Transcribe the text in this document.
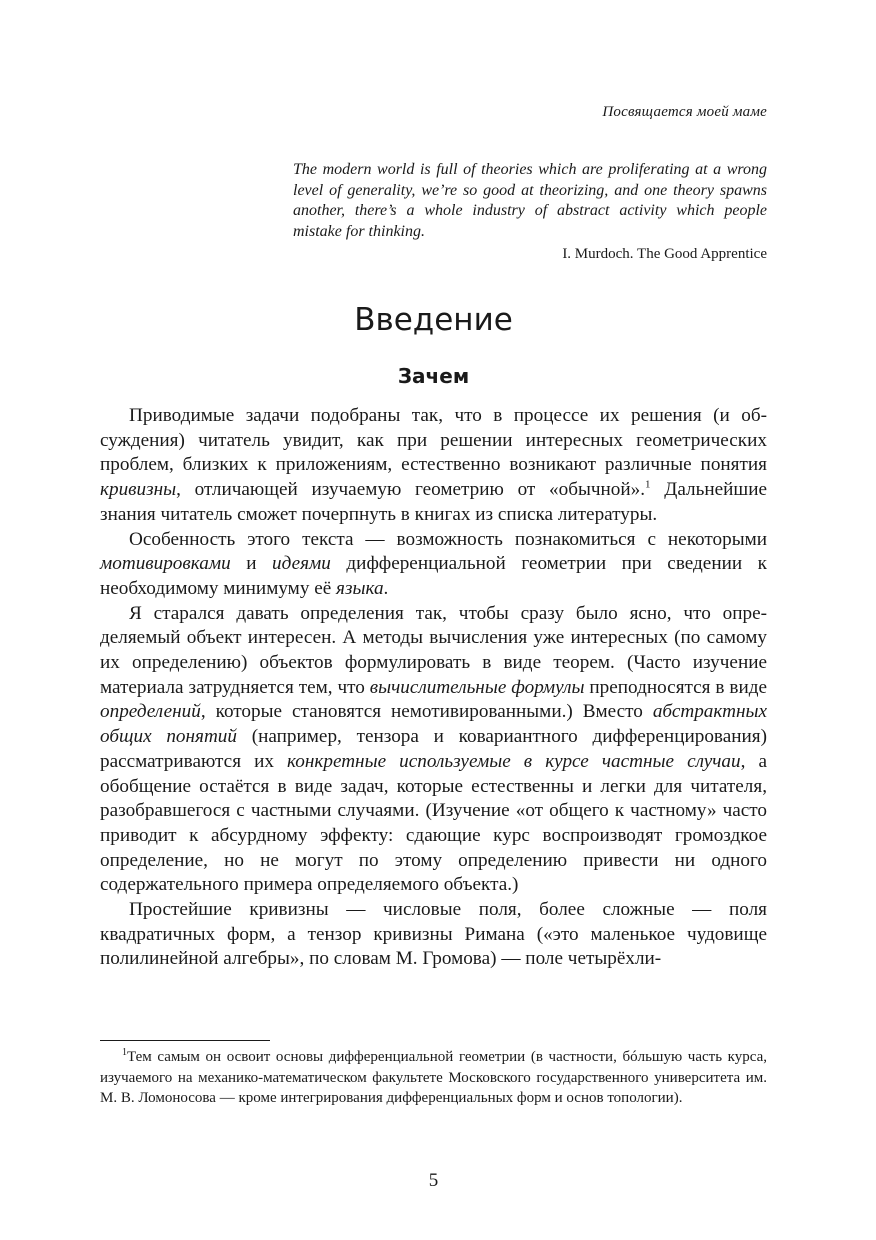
Посвящается моей маме
The modern world is full of theories which are proliferating at a wrong level of generality, we’re so good at theorizing, and one theory spawns another, there’s a whole industry of abstract activity which people mistake for thinking.
I. Murdoch. The Good Apprentice
Введение
Зачем

Приводимые задачи подобраны так, что в процессе их решения (и обсуждения) читатель увидит, как при решении интересных геометрических проблем, близких к приложениям, естественно возникают различные понятия кривизны, отличающей изучаемую геометрию от «обычной».$^1$ Дальнейшие знания читатель сможет почерпнуть в книгах из списка литературы.

Особенность этого текста — возможность познакомиться с некоторыми мотивировками и идеями дифференциальной геометрии при сведении к необходимому минимуму её языка.

Я старался давать определения так, чтобы сразу было ясно, что определяемый объект интересен. А методы вычисления уже интересных (по самому их определению) объектов формулировать в виде теорем. (Часто изучение материала затрудняется тем, что вычислительные формулы преподносятся в виде определений, которые становятся немотивированными.) Вместо абстрактных общих понятий (например, тензора и ковариантного дифференцирования) рассматриваются их конкретные используемые в курсе частные случаи, а обобщение остаётся в виде задач, которые естественны и легки для читателя, разобравшегося с частными случаями. (Изучение «от общего к частному» часто приводит к абсурдному эффекту: сдающие курс воспроизводят громоздкое определение, но не могут по этому определению привести ни одного содержательного примера определяемого объекта.)

Простейшие кривизны — числовые поля, более сложные — поля квадратичных форм, а тензор кривизны Римана («это маленькое чудовище полилинейной алгебры», по словам М. Громова) — поле четырёхли-

$^1$Тем самым он освоит основы дифференциальной геометрии (в частности, бóльшую часть курса, изучаемого на механико-математическом факультете Московского государственного университета им. М. В. Ломоносова — кроме интегрирования дифференциальных форм и основ топологии).

5
